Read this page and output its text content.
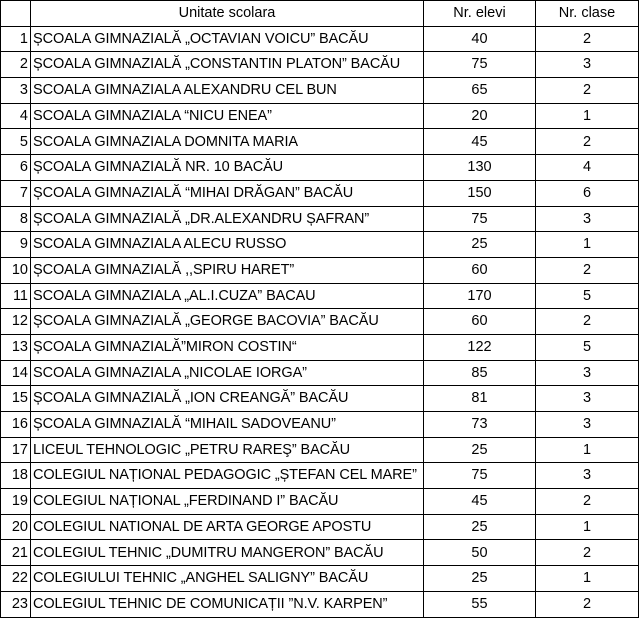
	Unitate scolara	Nr. elevi	Nr. clase
1	ȘCOALA GIMNAZIALĂ „OCTAVIAN VOICU” BACĂU	40	2
2	ȘCOALA GIMNAZIALĂ „CONSTANTIN PLATON” BACĂU	75	3
3	SCOALA GIMNAZIALA ALEXANDRU CEL BUN	65	2
4	SCOALA GIMNAZIALA “NICU ENEA”	20	1
5	SCOALA GIMNAZIALA DOMNITA MARIA	45	2
6	ȘCOALA GIMNAZIALĂ NR. 10 BACĂU	130	4
7	ȘCOALA GIMNAZIALĂ “MIHAI DRĂGAN” BACĂU	150	6
8	ȘCOALA GIMNAZIALĂ „DR.ALEXANDRU ȘAFRAN”	75	3
9	SCOALA GIMNAZIALA ALECU RUSSO	25	1
10	ȘCOALA GIMNAZIALĂ ,,SPIRU HARET”	60	2
11	SCOALA GIMNAZIALA „AL.I.CUZA” BACAU	170	5
12	ȘCOALA GIMNAZIALĂ „GEORGE BACOVIA” BACĂU	60	2
13	ȘCOALA GIMNAZIALĂ”MIRON COSTIN“	122	5
14	SCOALA GIMNAZIALA „NICOLAE IORGA”	85	3
15	ȘCOALA GIMNAZIALĂ „ION CREANGĂ” BACĂU	81	3
16	ȘCOALA GIMNAZIALĂ “MIHAIL SADOVEANU”	73	3
17	LICEUL TEHNOLOGIC „PETRU RAREŞ” BACĂU	25	1
18	COLEGIUL NAȚIONAL PEDAGOGIC „ȘTEFAN CEL MARE”	75	3
19	COLEGIUL NAȚIONAL „FERDINAND I” BACĂU	45	2
20	COLEGIUL NATIONAL DE ARTA GEORGE APOSTU	25	1
21	COLEGIUL TEHNIC „DUMITRU MANGERON” BACĂU	50	2
22	COLEGIULUI TEHNIC „ANGHEL SALIGNY” BACĂU	25	1
23	COLEGIUL TEHNIC DE COMUNICAȚII ”N.V. KARPEN”	55	2
